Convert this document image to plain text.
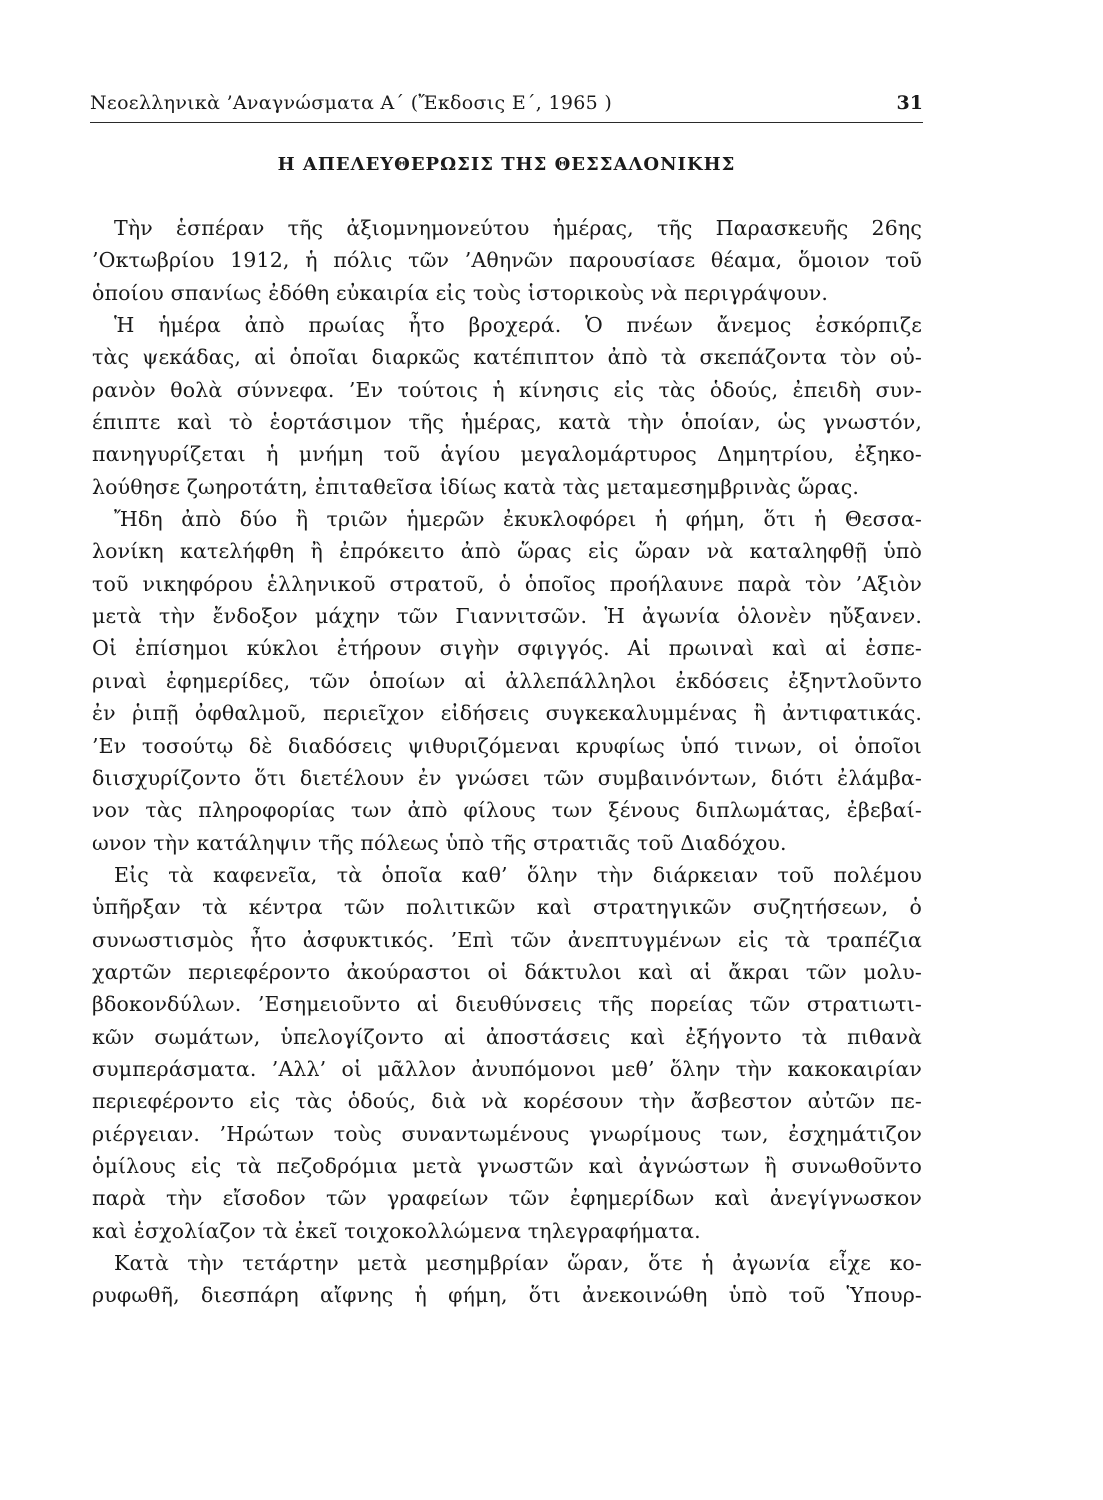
Νεοελληνικὰ ’Αναγνώσματα Α΄ (Ἔκδοσις Ε΄, 1965 )	31
Η ΑΠΕΛΕΥΘΕΡΩΣΙΣ ΤΗΣ ΘΕΣΣΑΛΟΝΙΚΗΣ
Τὴν ἑσπέραν τῆς ἀξιομνημονεύτου ἡμέρας, τῆς Παρασκευῆς 26ης
’Οκτωβρίου 1912, ἡ πόλις τῶν ’Αθηνῶν παρουσίασε θέαμα, ὅμοιον τοῦ
ὁποίου σπανίως ἐδόθη εὐκαιρία εἰς τοὺς ἱστορικοὺς νὰ περιγράψουν.
Ἡ ἡμέρα ἀπὸ πρωίας ἦτο βροχερά. Ὁ πνέων ἄνεμος ἐσκόρπιζε
τὰς ψεκάδας, αἱ ὁποῖαι διαρκῶς κατέπιπτον ἀπὸ τὰ σκεπάζοντα τὸν οὐ-
ρανὸν θολὰ σύννεφα. ’Εν τούτοις ἡ κίνησις εἰς τὰς ὁδούς, ἐπειδὴ συν-
έπιπτε καὶ τὸ ἑορτάσιμον τῆς ἡμέρας, κατὰ τὴν ὁποίαν, ὡς γνωστόν,
πανηγυρίζεται ἡ μνήμη τοῦ ἁγίου μεγαλομάρτυρος Δημητρίου, ἐξηκο-
λούθησε ζωηροτάτη, ἐπιταθεῖσα ἰδίως κατὰ τὰς μεταμεσημβρινὰς ὥρας.
Ἤδη ἀπὸ δύο ἢ τριῶν ἡμερῶν ἐκυκλοφόρει ἡ φήμη, ὅτι ἡ Θεσσα-
λονίκη κατελήφθη ἢ ἐπρόκειτο ἀπὸ ὥρας εἰς ὥραν νὰ καταληφθῇ ὑπὸ
τοῦ νικηφόρου ἑλληνικοῦ στρατοῦ, ὁ ὁποῖος προήλαυνε παρὰ τὸν ’Αξιὸν
μετὰ τὴν ἔνδοξον μάχην τῶν Γιαννιτσῶν. Ἡ ἀγωνία ὁλονὲν ηὔξανεν.
Οἱ ἐπίσημοι κύκλοι ἐτήρουν σιγὴν σφιγγός. Αἱ πρωιναὶ καὶ αἱ ἑσπε-
ριναὶ ἐφημερίδες, τῶν ὁποίων αἱ ἀλλεπάλληλοι ἐκδόσεις ἐξηντλοῦντο
ἐν ῥιπῇ ὀφθαλμοῦ, περιεῖχον εἰδήσεις συγκεκαλυμμένας ἢ ἀντιφατικάς.
’Εν τοσούτῳ δὲ διαδόσεις ψιθυριζόμεναι κρυφίως ὑπό τινων, οἱ ὁποῖοι
διισχυρίζοντο ὅτι διετέλουν ἐν γνώσει τῶν συμβαινόντων, διότι ἐλάμβα-
νον τὰς πληροφορίας των ἀπὸ φίλους των ξένους διπλωμάτας, ἐβεβαί-
ωνον τὴν κατάληψιν τῆς πόλεως ὑπὸ τῆς στρατιᾶς τοῦ Διαδόχου.
Εἰς τὰ καφενεῖα, τὰ ὁποῖα καθ’ ὅλην τὴν διάρκειαν τοῦ πολέμου
ὑπῆρξαν τὰ κέντρα τῶν πολιτικῶν καὶ στρατηγικῶν συζητήσεων, ὁ
συνωστισμὸς ἦτο ἀσφυκτικός. ’Επὶ τῶν ἀνεπτυγμένων εἰς τὰ τραπέζια
χαρτῶν περιεφέροντο ἀκούραστοι οἱ δάκτυλοι καὶ αἱ ἄκραι τῶν μολυ-
βδοκονδύλων. ’Εσημειοῦντο αἱ διευθύνσεις τῆς πορείας τῶν στρατιωτι-
κῶν σωμάτων, ὑπελογίζοντο αἱ ἀποστάσεις καὶ ἐξήγοντο τὰ πιθανὰ
συμπεράσματα. ’Αλλ’ οἱ μᾶλλον ἀνυπόμονοι μεθ’ ὅλην τὴν κακοκαιρίαν
περιεφέροντο εἰς τὰς ὁδούς, διὰ νὰ κορέσουν τὴν ἄσβεστον αὐτῶν πε-
ριέργειαν. ’Ηρώτων τοὺς συναντωμένους γνωρίμους των, ἐσχημάτιζον
ὁμίλους εἰς τὰ πεζοδρόμια μετὰ γνωστῶν καὶ ἀγνώστων ἢ συνωθοῦντο
παρὰ τὴν εἴσοδον τῶν γραφείων τῶν ἐφημερίδων καὶ ἀνεγίγνωσκον
καὶ ἐσχολίαζον τὰ ἐκεῖ τοιχοκολλώμενα τηλεγραφήματα.
Κατὰ τὴν τετάρτην μετὰ μεσημβρίαν ὥραν, ὅτε ἡ ἀγωνία εἶχε κο-
ρυφωθῆ, διεσπάρη αἴφνης ἡ φήμη, ὅτι ἀνεκοινώθη ὑπὸ τοῦ Ὑπουρ-
